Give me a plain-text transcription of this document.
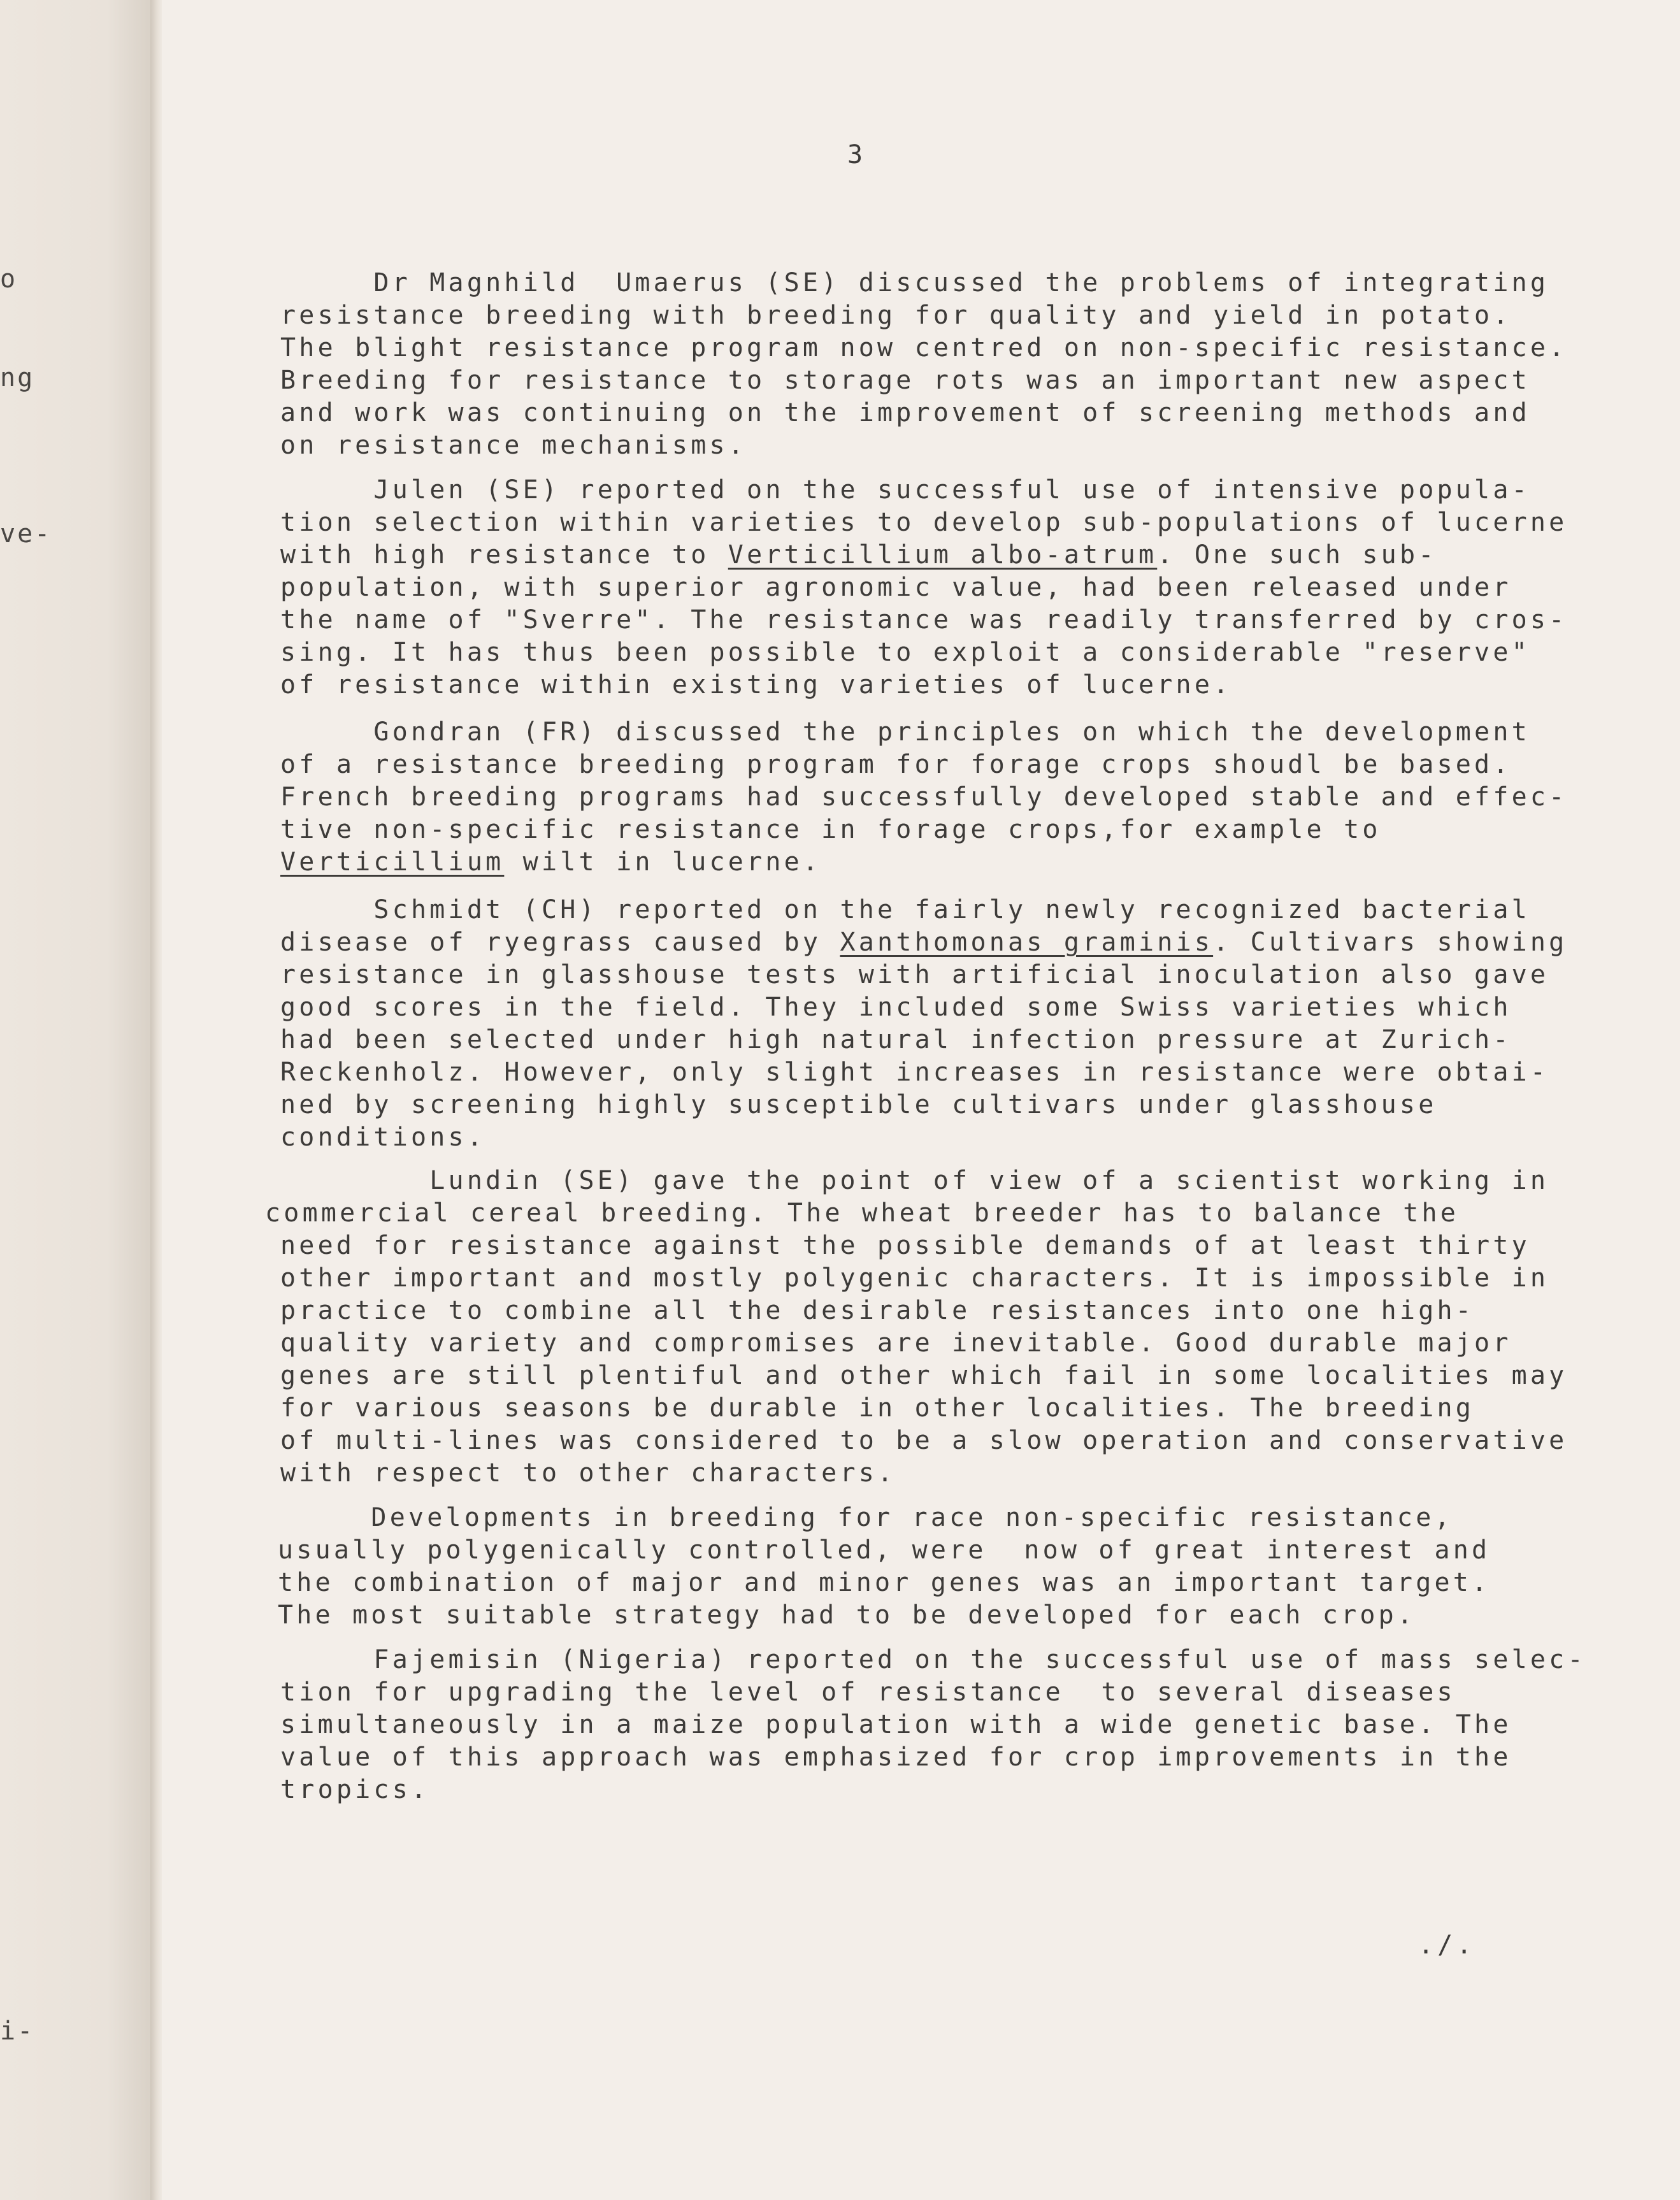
o
ng
ve-
i-
3
Dr Magnhild  Umaerus (SE) discussed the problems of integrating
resistance breeding with breeding for quality and yield in potato.
The blight resistance program now centred on non-specific resistance.
Breeding for resistance to storage rots was an important new aspect
and work was continuing on the improvement of screening methods and
on resistance mechanisms.
Julen (SE) reported on the successful use of intensive popula-
tion selection within varieties to develop sub-populations of lucerne
with high resistance to Verticillium albo-atrum. One such sub-
population, with superior agronomic value, had been released under
the name of "Sverre". The resistance was readily transferred by cros-
sing. It has thus been possible to exploit a considerable "reserve"
of resistance within existing varieties of lucerne.
Gondran (FR) discussed the principles on which the development
of a resistance breeding program for forage crops shoudl be based.
French breeding programs had successfully developed stable and effec-
tive non-specific resistance in forage crops,for example to
Verticillium wilt in lucerne.
Schmidt (CH) reported on the fairly newly recognized bacterial
disease of ryegrass caused by Xanthomonas graminis. Cultivars showing
resistance in glasshouse tests with artificial inoculation also gave
good scores in the field. They included some Swiss varieties which
had been selected under high natural infection pressure at Zurich-
Reckenholz. However, only slight increases in resistance were obtai-
ned by screening highly susceptible cultivars under glasshouse
conditions.
Lundin (SE) gave the point of view of a scientist working in
commercial cereal breeding. The wheat breeder has to balance the
need for resistance against the possible demands of at least thirty
other important and mostly polygenic characters. It is impossible in
practice to combine all the desirable resistances into one high-
quality variety and compromises are inevitable. Good durable major
genes are still plentiful and other which fail in some localities may
for various seasons be durable in other localities. The breeding
of multi-lines was considered to be a slow operation and conservative
with respect to other characters.
Developments in breeding for race non-specific resistance,
usually polygenically controlled, were  now of great interest and
the combination of major and minor genes was an important target.
The most suitable strategy had to be developed for each crop.
Fajemisin (Nigeria) reported on the successful use of mass selec-
tion for upgrading the level of resistance  to several diseases
simultaneously in a maize population with a wide genetic base. The
value of this approach was emphasized for crop improvements in the
tropics.
./.
